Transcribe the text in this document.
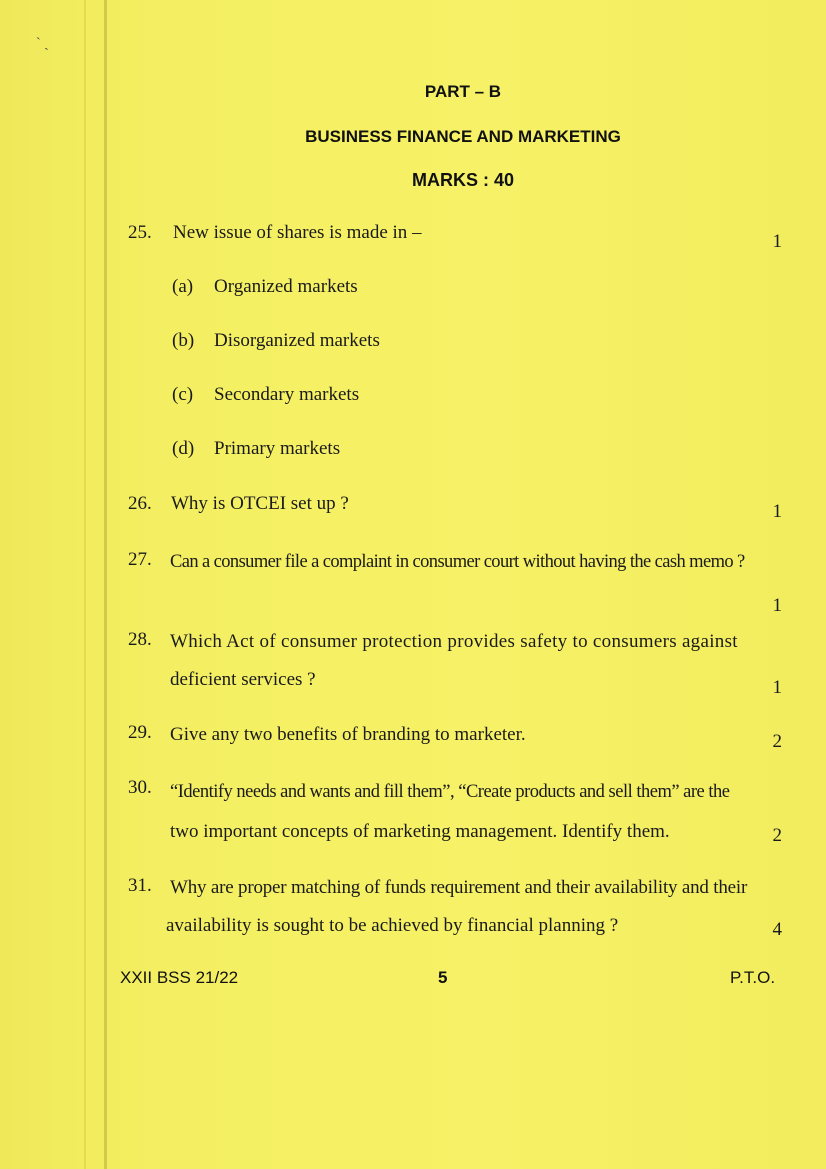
` ˏ
PART – B
BUSINESS FINANCE AND MARKETING
MARKS : 40
25.	New issue of shares is made in –	1
(a) Organized markets
(b) Disorganized markets
(c) Secondary markets
(d) Primary markets
26.	Why is OTCEI set up ?	1
27. Can a consumer file a complaint in consumer court without having the cash memo ?
1
28. Which Act of consumer protection provides safety to consumers against
deficient services ?	1
29. Give any two benefits of branding to marketer.	2
30. “Identify needs and wants and fill them”, “Create products and sell them” are the
two important concepts of marketing management. Identify them.	2
31. Why are proper matching of funds requirement and their availability and their
availability is sought to be achieved by financial planning ?	4
XXII BSS 21/22	5	P.T.O.
